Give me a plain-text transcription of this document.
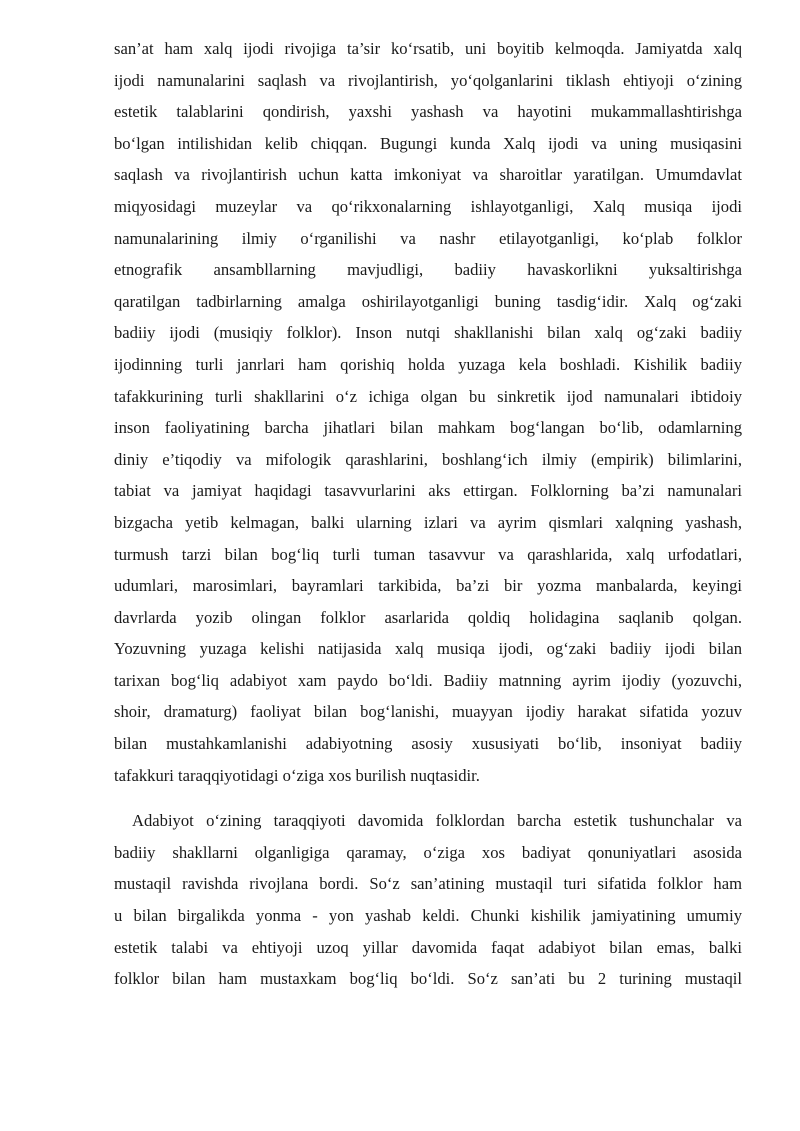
san’at ham xalq ijodi rivojiga ta’sir ko‘rsatib, uni boyitib kelmoqda. Jamiyatda xalq
ijodi namunalarini saqlash va rivojlantirish, yo‘qolganlarini tiklash ehtiyoji o‘zining
estetik talablarini qondirish, yaxshi yashash va hayotini mukammallashtirishga
bo‘lgan intilishidan kelib chiqqan. Bugungi kunda Xalq ijodi va uning musiqasini
saqlash va rivojlantirish uchun katta imkoniyat va sharoitlar yaratilgan. Umumdavlat
miqyosidagi muzeylar va qo‘rikxonalarning ishlayotganligi, Xalq musiqa ijodi
namunalarining ilmiy o‘rganilishi va nashr etilayotganligi, ko‘plab folklor
etnografik ansambllarning mavjudligi, badiiy havaskorlikni yuksaltirishga
qaratilgan tadbirlarning amalga oshirilayotganligi buning tasdig‘idir. Xalq og‘zaki
badiiy ijodi (musiqiy folklor). Inson nutqi shakllanishi bilan xalq og‘zaki badiiy
ijodinning turli janrlari ham qorishiq holda yuzaga kela boshladi. Kishilik badiiy
tafakkurining turli shakllarini o‘z ichiga olgan bu sinkretik ijod namunalari ibtidoiy
inson faoliyatining barcha jihatlari bilan mahkam bog‘langan bo‘lib, odamlarning
diniy e’tiqodiy va mifologik qarashlarini, boshlang‘ich ilmiy (empirik) bilimlarini,
tabiat va jamiyat haqidagi tasavvurlarini aks ettirgan. Folklorning ba’zi namunalari
bizgacha yetib kelmagan, balki ularning izlari va ayrim qismlari xalqning yashash,
turmush tarzi bilan bog‘liq turli tuman tasavvur va qarashlarida, xalq urfodatlari,
udumlari, marosimlari, bayramlari tarkibida, ba’zi bir yozma manbalarda, keyingi
davrlarda yozib olingan folklor asarlarida qoldiq holidagina saqlanib qolgan.
Yozuvning yuzaga kelishi natijasida xalq musiqa ijodi, og‘zaki badiiy ijodi bilan
tarixan bog‘liq adabiyot xam paydo bo‘ldi. Badiiy matnning ayrim ijodiy (yozuvchi,
shoir, dramaturg) faoliyat bilan bog‘lanishi, muayyan ijodiy harakat sifatida yozuv
bilan mustahkamlanishi adabiyotning asosiy xususiyati bo‘lib, insoniyat badiiy
tafakkuri taraqqiyotidagi o‘ziga xos burilish nuqtasidir.
Adabiyot o‘zining taraqqiyoti davomida folklordan barcha estetik tushunchalar va
badiiy shakllarni olganligiga qaramay, o‘ziga xos badiyat qonuniyatlari asosida
mustaqil ravishda rivojlana bordi. So‘z san’atining mustaqil turi sifatida folklor ham
u bilan birgalikda yonma - yon yashab keldi. Chunki kishilik jamiyatining umumiy
estetik talabi va ehtiyoji uzoq yillar davomida faqat adabiyot bilan emas, balki
folklor bilan ham mustaxkam bog‘liq bo‘ldi. So‘z san’ati bu 2 turining mustaqil
